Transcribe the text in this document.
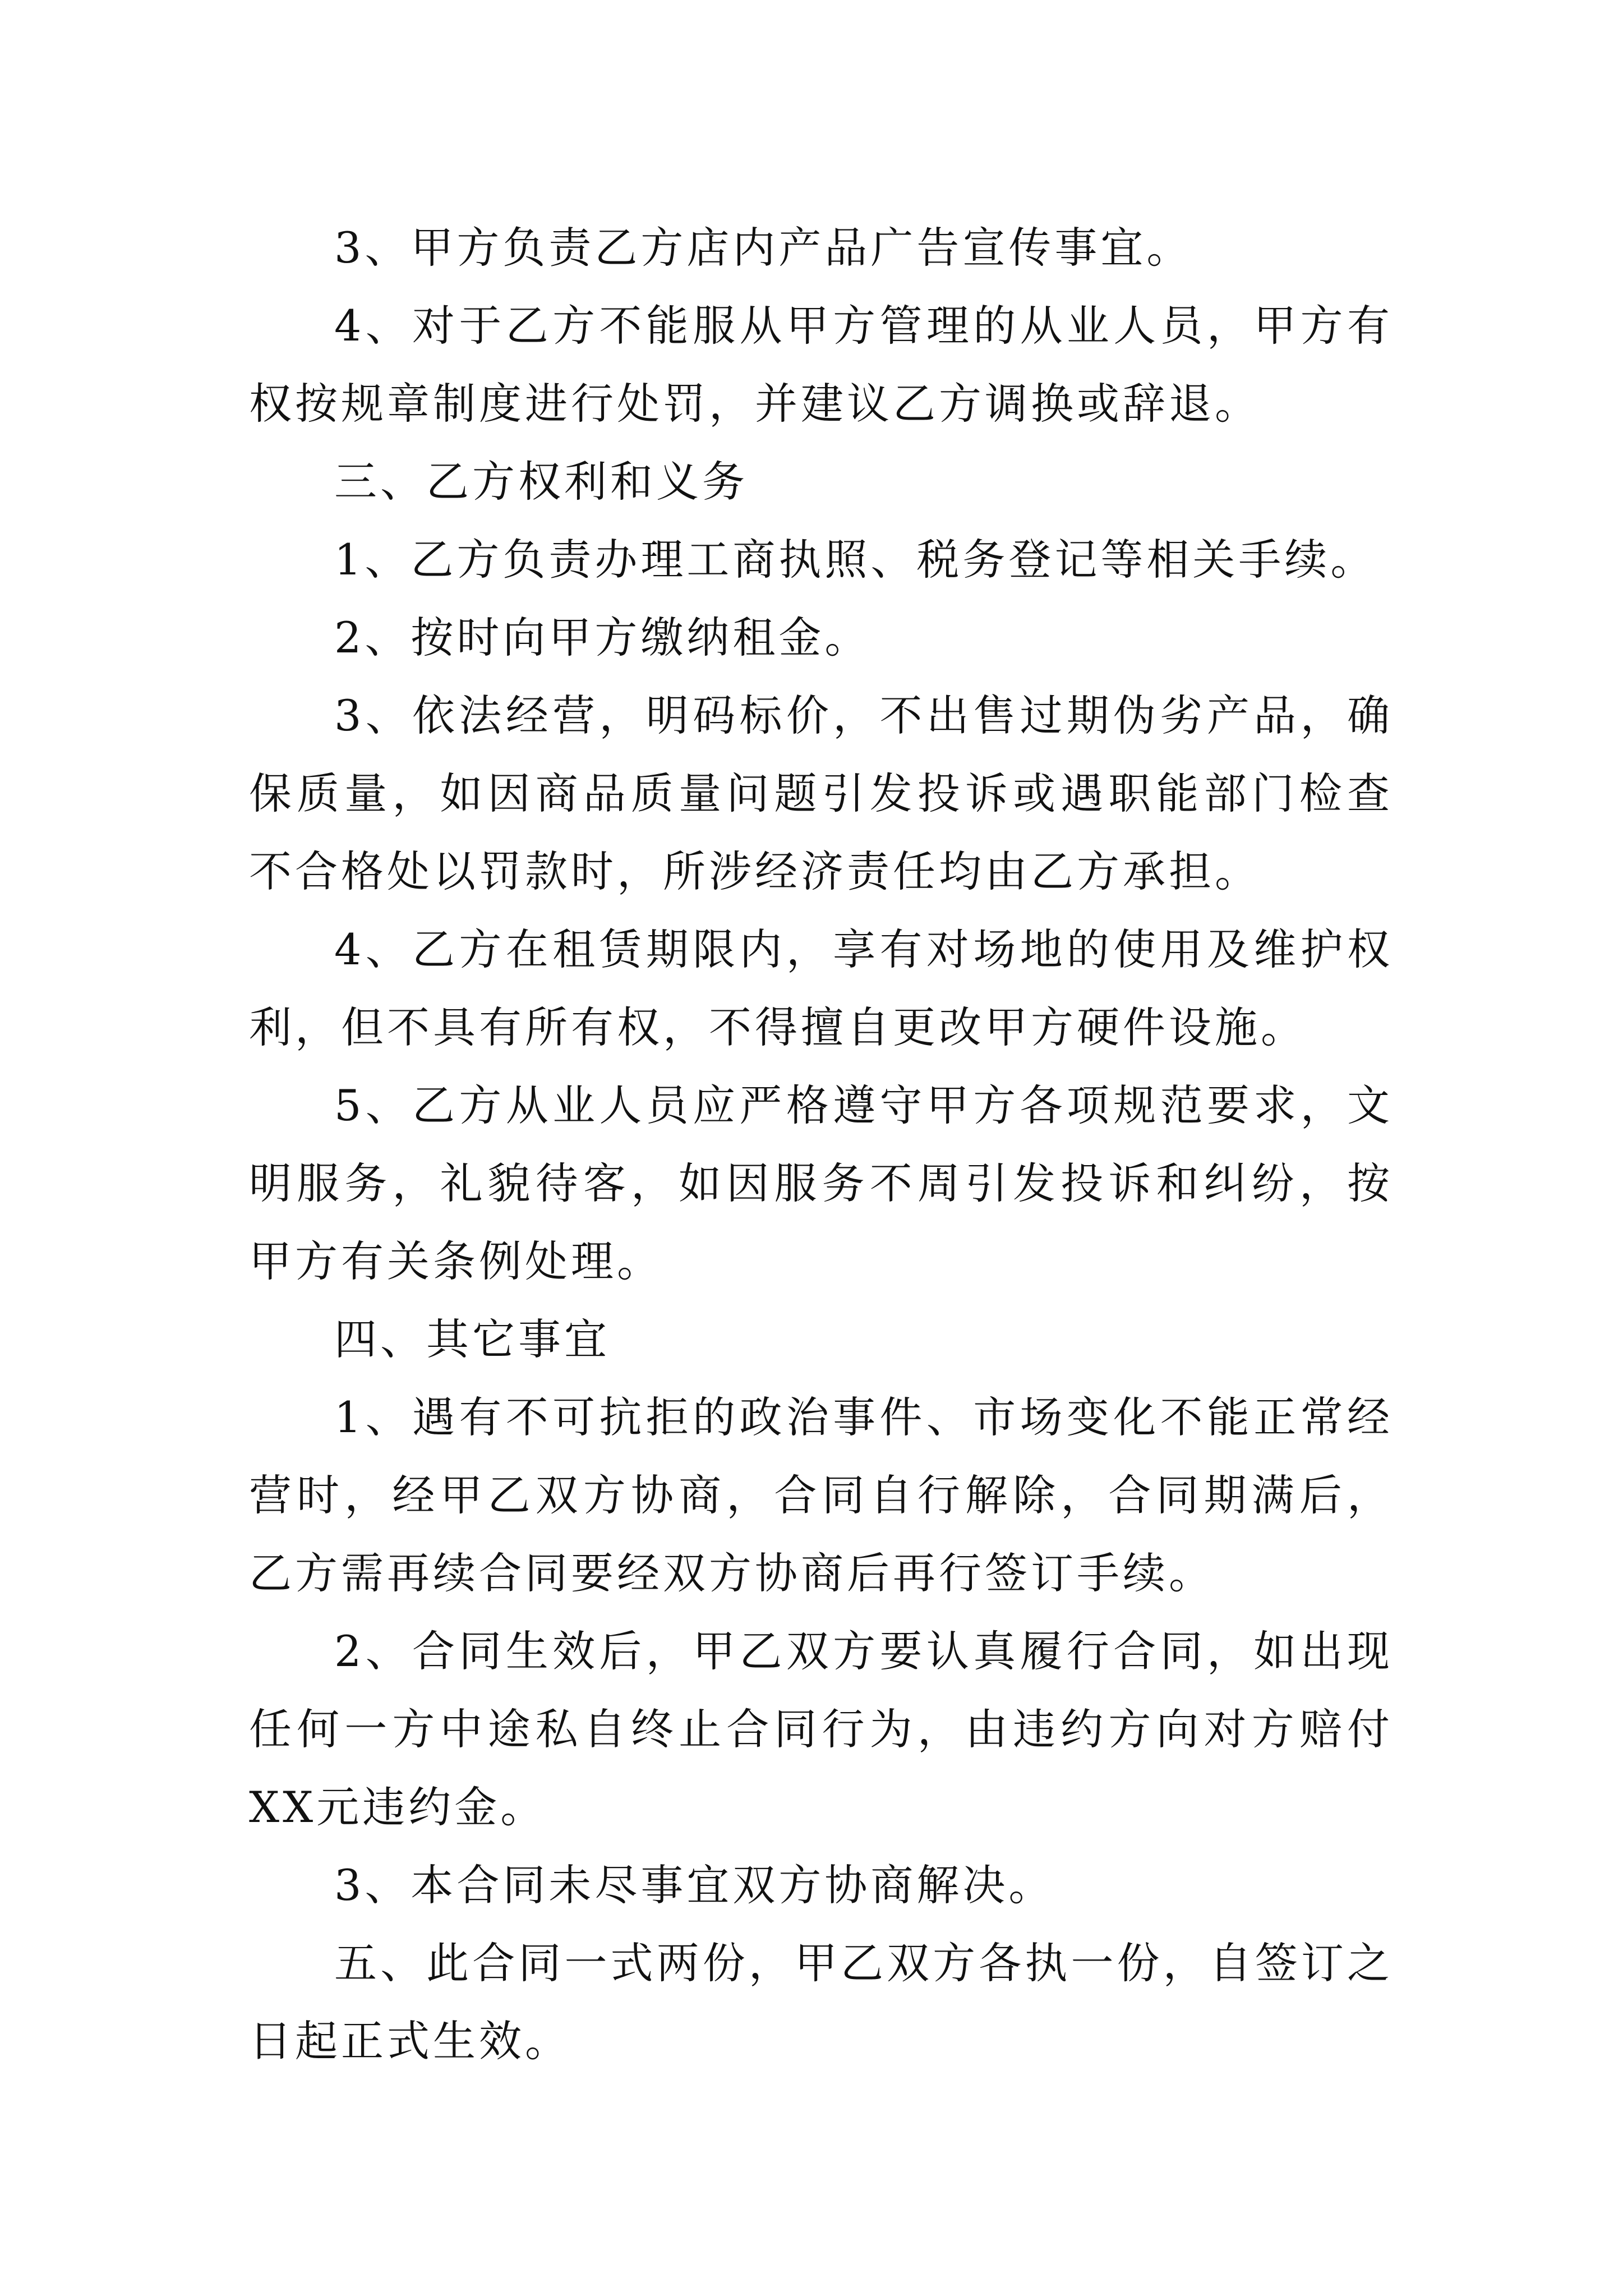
3、甲方负责乙方店内产品广告宣传事宜。

4、对于乙方不能服从甲方管理的从业人员，甲方有权按规章制度进行处罚，并建议乙方调换或辞退。

三、乙方权利和义务

1、乙方负责办理工商执照、税务登记等相关手续。

2、按时向甲方缴纳租金。

3、依法经营，明码标价，不出售过期伪劣产品，确保质量，如因商品质量问题引发投诉或遇职能部门检查不合格处以罚款时，所涉经济责任均由乙方承担。

4、乙方在租赁期限内，享有对场地的使用及维护权利，但不具有所有权，不得擅自更改甲方硬件设施。

5、乙方从业人员应严格遵守甲方各项规范要求，文明服务，礼貌待客，如因服务不周引发投诉和纠纷，按甲方有关条例处理。

四、其它事宜

1、遇有不可抗拒的政治事件、市场变化不能正常经营时，经甲乙双方协商，合同自行解除，合同期满后，乙方需再续合同要经双方协商后再行签订手续。

2、合同生效后，甲乙双方要认真履行合同，如出现任何一方中途私自终止合同行为，由违约方向对方赔付XX元违约金。

3、本合同未尽事宜双方协商解决。

五、此合同一式两份，甲乙双方各执一份，自签订之日起正式生效。
